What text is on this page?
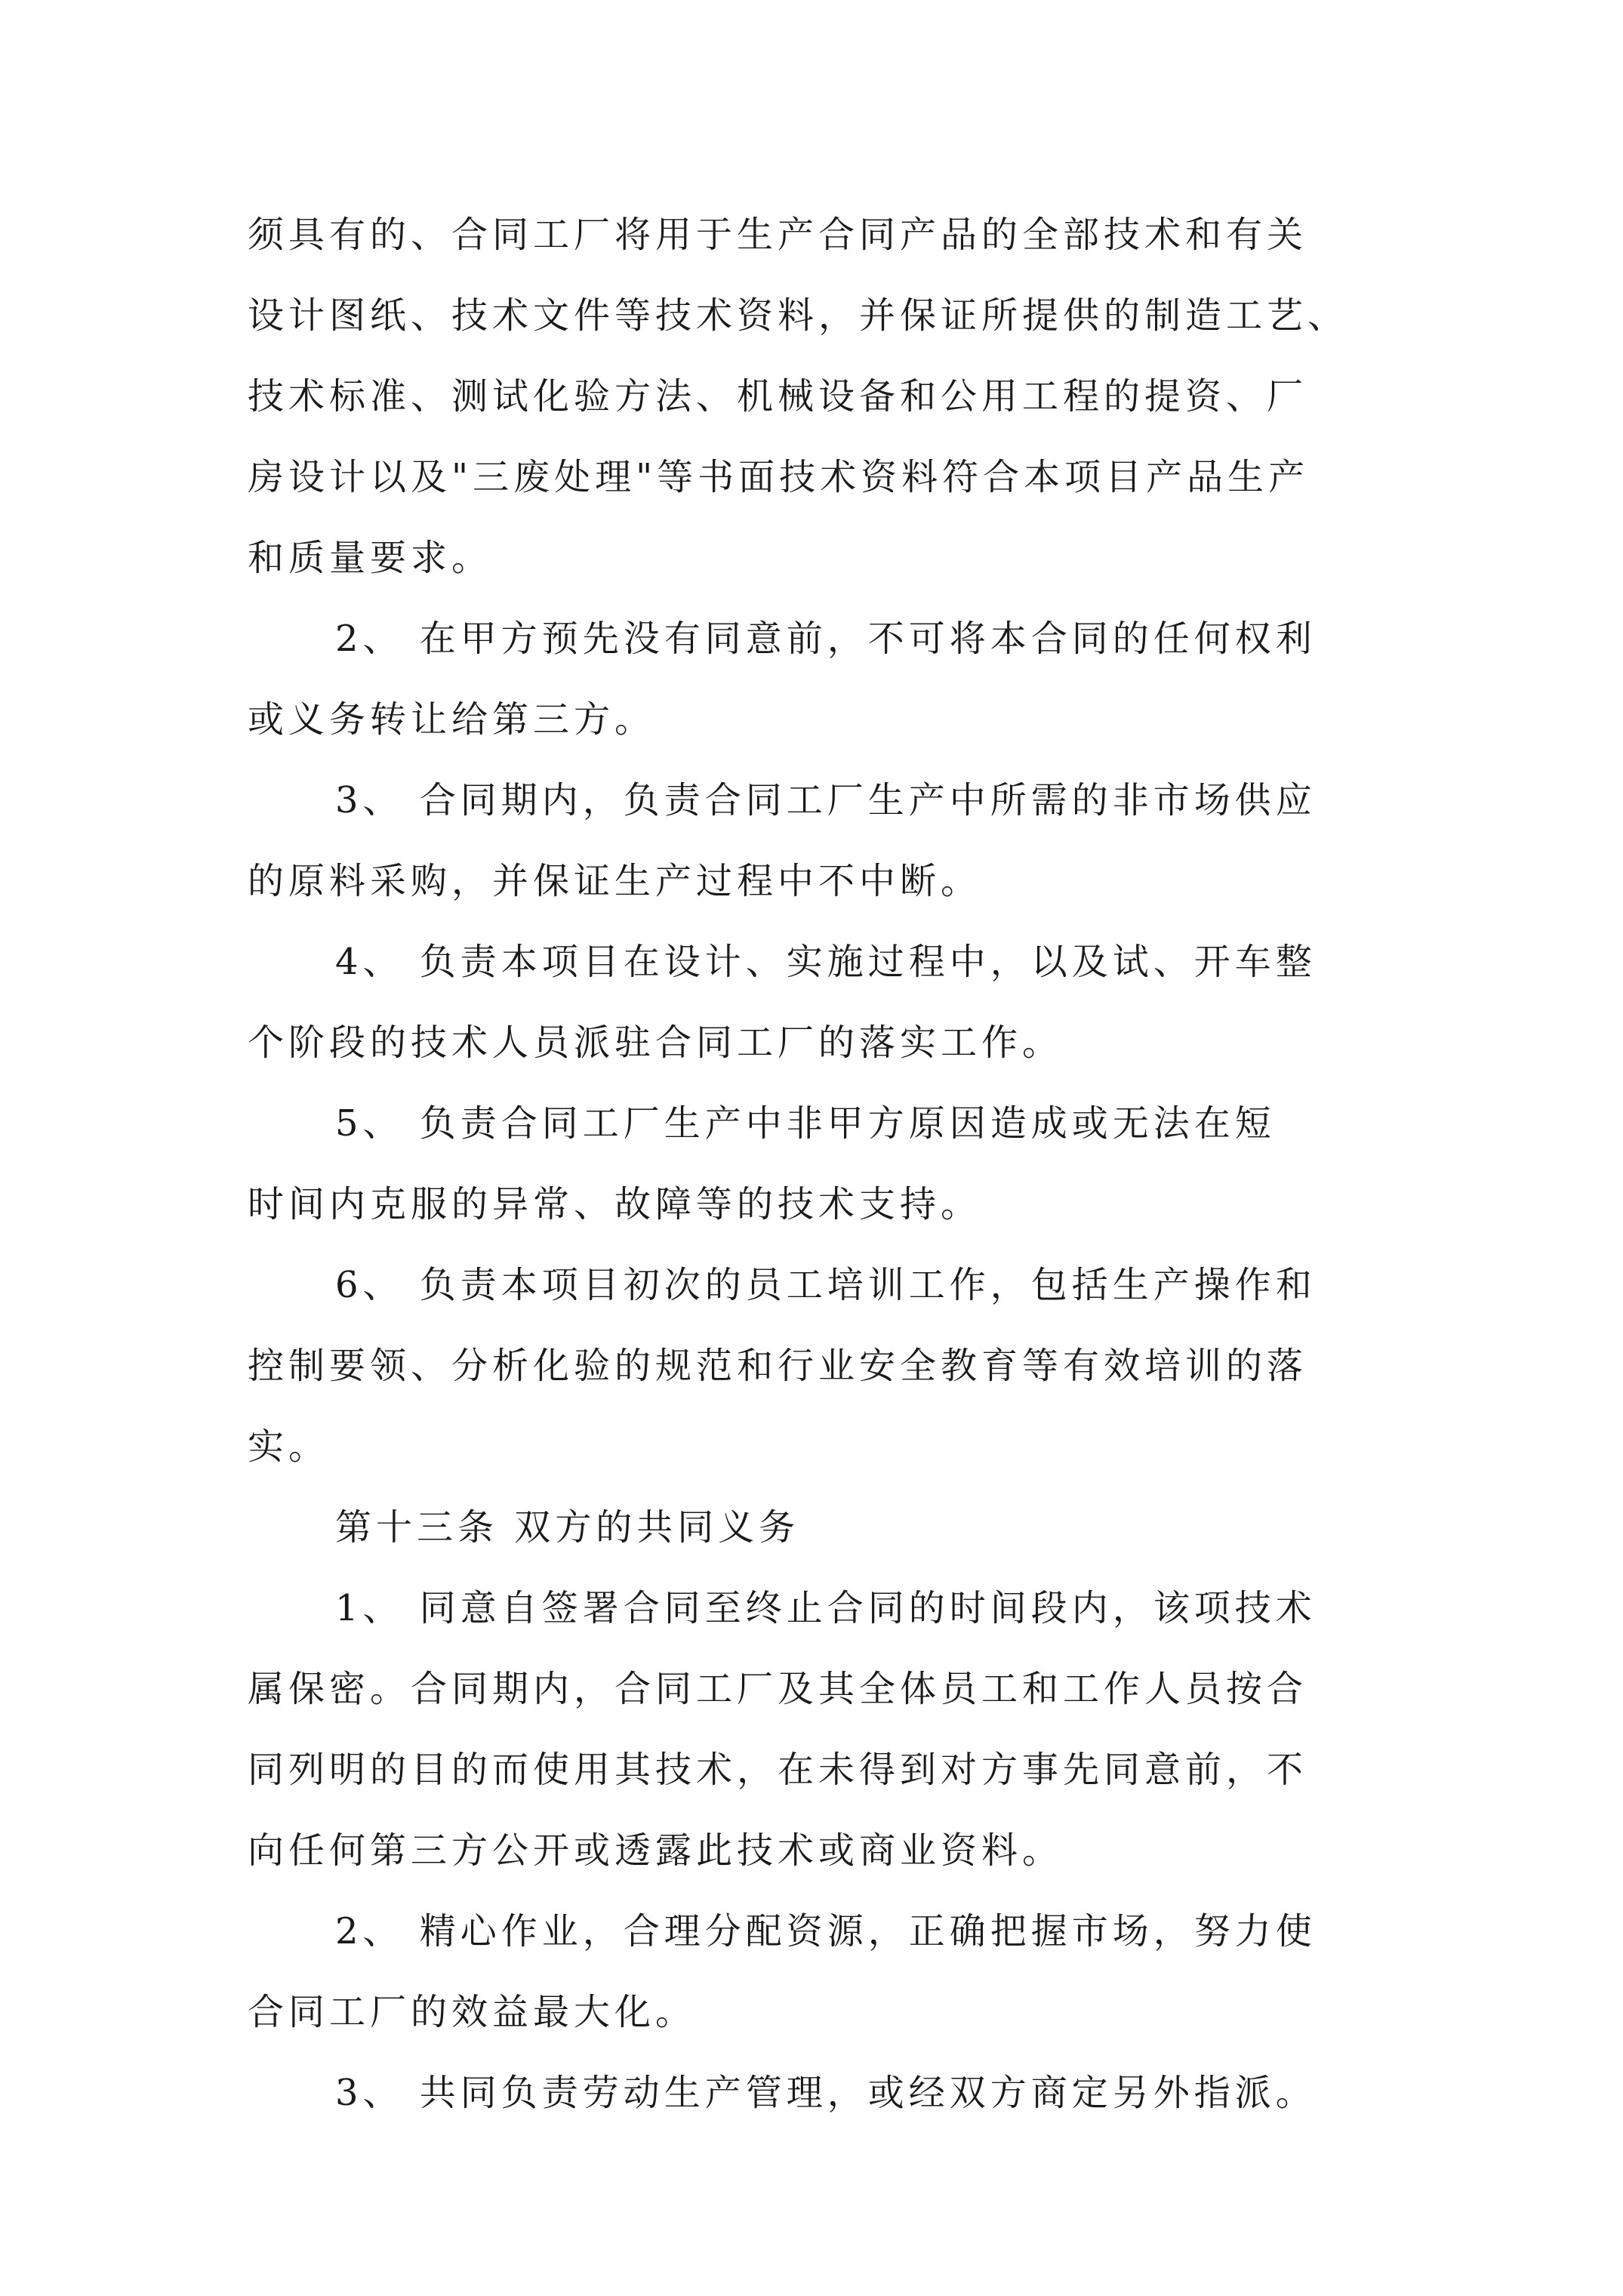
须具有的、合同工厂将用于生产合同产品的全部技术和有关
设计图纸、技术文件等技术资料，并保证所提供的制造工艺、
技术标准、测试化验方法、机械设备和公用工程的提资、厂
房设计以及"三废处理"等书面技术资料符合本项目产品生产
和质量要求。
2、 在甲方预先没有同意前，不可将本合同的任何权利
或义务转让给第三方。
3、 合同期内，负责合同工厂生产中所需的非市场供应
的原料采购，并保证生产过程中不中断。
4、 负责本项目在设计、实施过程中，以及试、开车整
个阶段的技术人员派驻合同工厂的落实工作。
5、 负责合同工厂生产中非甲方原因造成或无法在短
时间内克服的异常、故障等的技术支持。
6、 负责本项目初次的员工培训工作，包括生产操作和
控制要领、分析化验的规范和行业安全教育等有效培训的落
实。
第十三条 双方的共同义务
1、 同意自签署合同至终止合同的时间段内，该项技术
属保密。合同期内，合同工厂及其全体员工和工作人员按合
同列明的目的而使用其技术，在未得到对方事先同意前，不
向任何第三方公开或透露此技术或商业资料。
2、 精心作业，合理分配资源，正确把握市场，努力使
合同工厂的效益最大化。
3、 共同负责劳动生产管理，或经双方商定另外指派。
